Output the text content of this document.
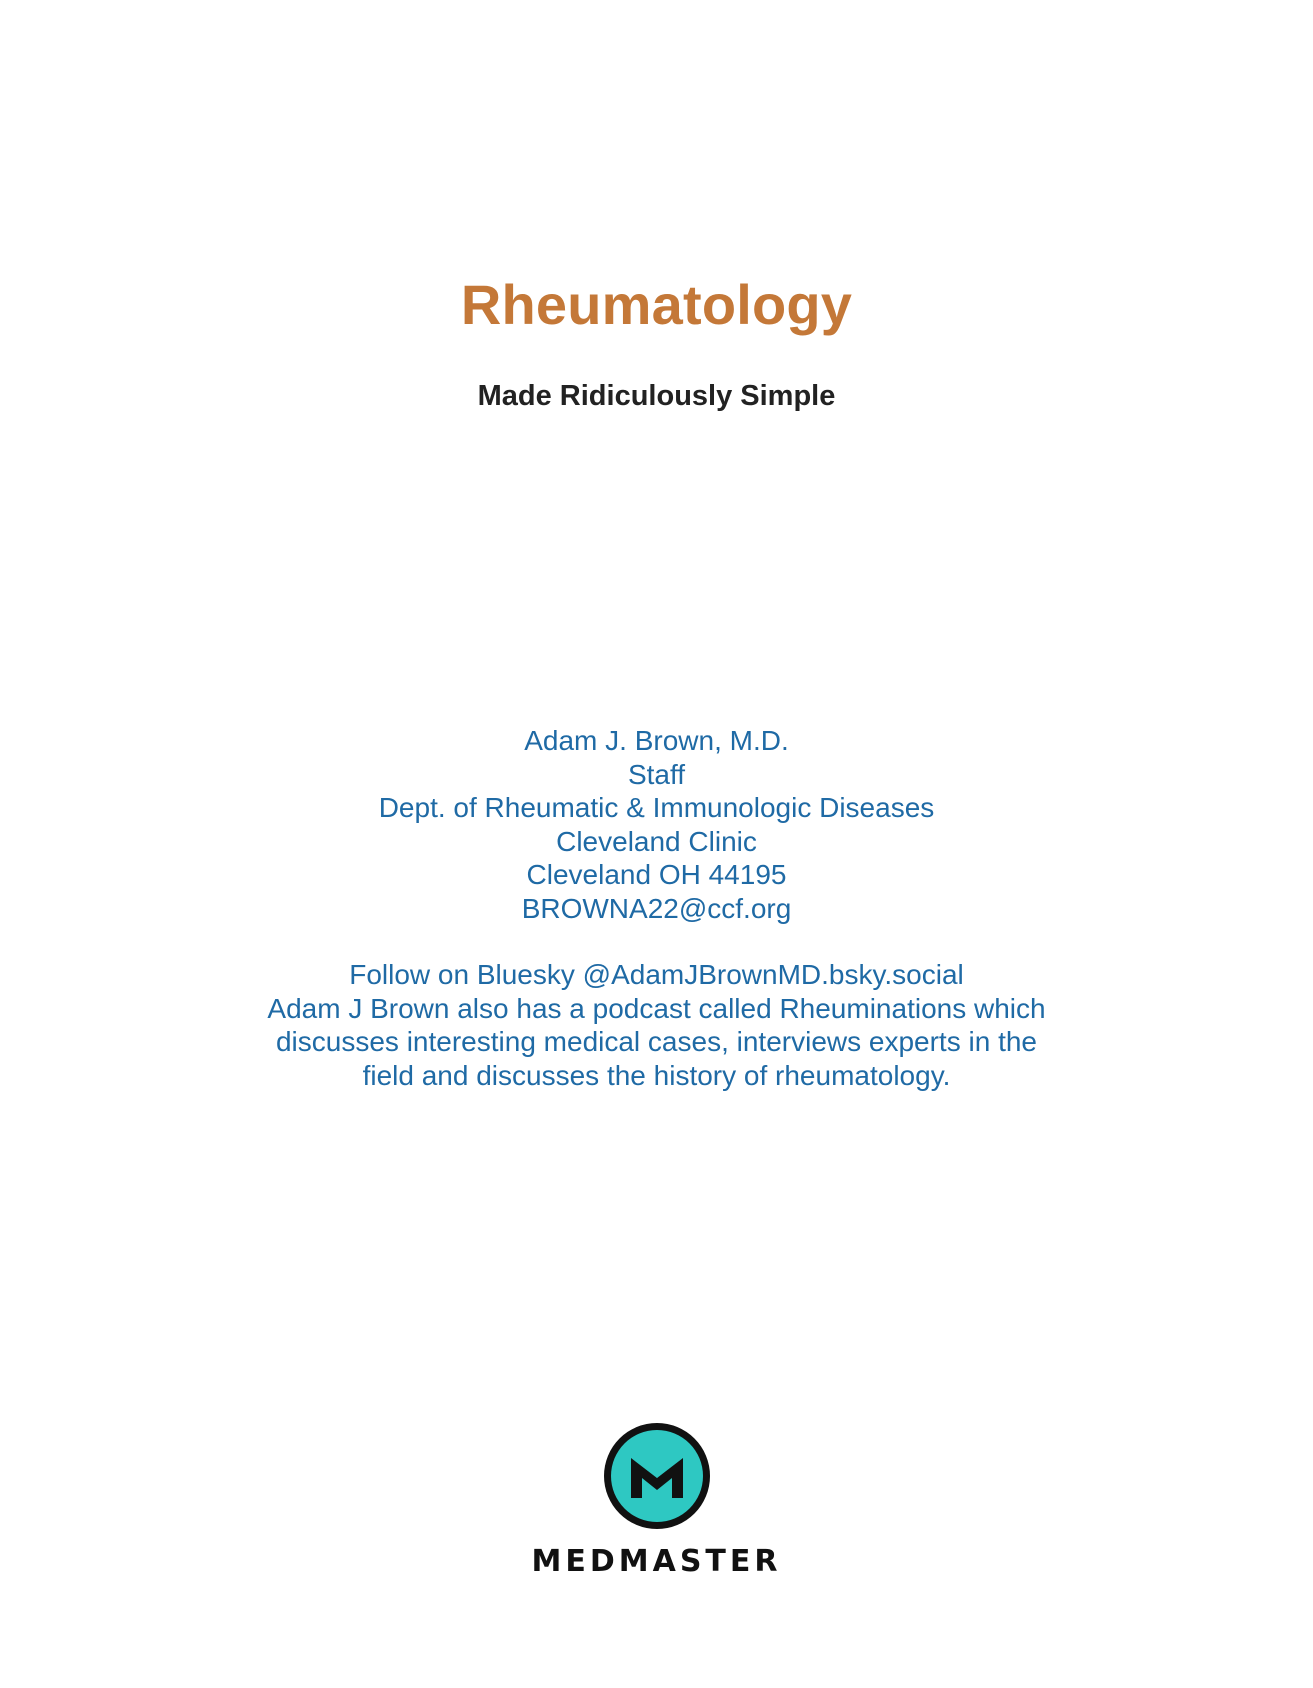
Rheumatology
Made Ridiculously Simple
Adam J. Brown, M.D.
Staff
Dept. of Rheumatic & Immunologic Diseases
Cleveland Clinic
Cleveland OH 44195
BROWNA22@ccf.org
Follow on Bluesky @AdamJBrownMD.bsky.social
Adam J Brown also has a podcast called Rheuminations which
discusses interesting medical cases, interviews experts in the
field and discusses the history of rheumatology.
MEDMASTER
